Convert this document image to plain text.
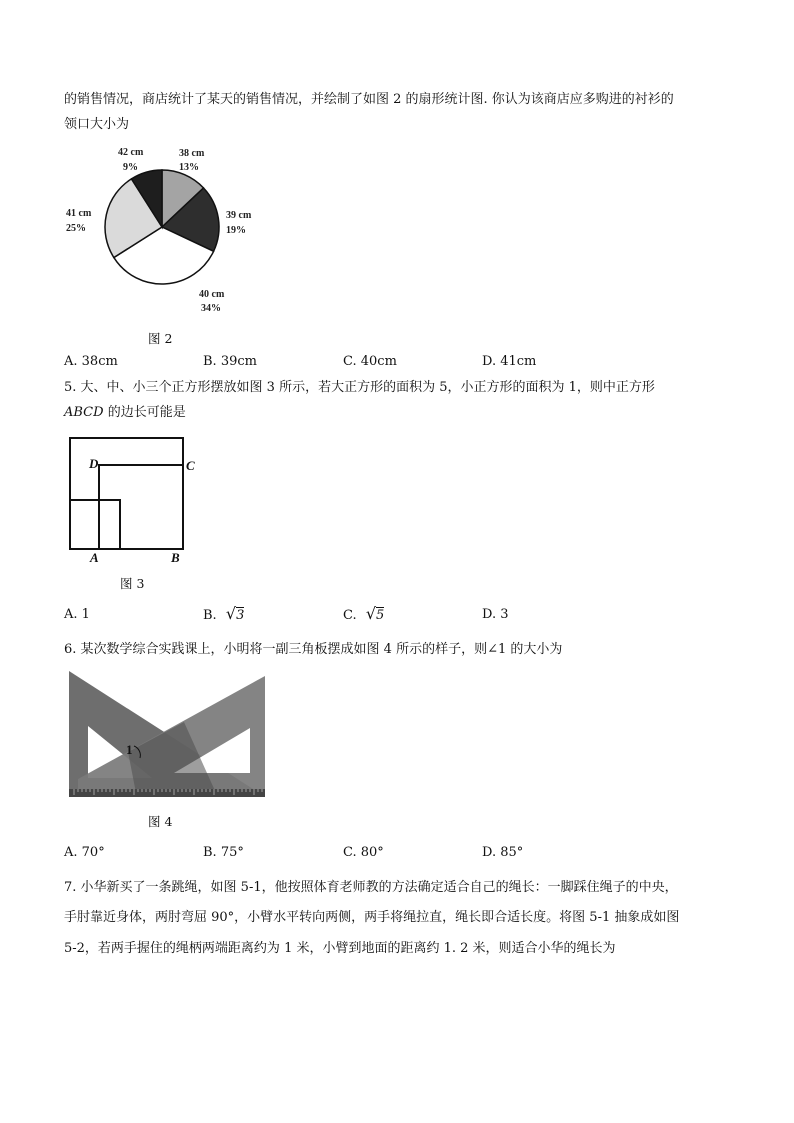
的销售情况，商店统计了某天的销售情况，并绘制了如图 2 的扇形统计图. 你认为该商店应多购进的衬衫的
领口大小为
38 cm
13%
39 cm
19%
40 cm
34%
41 cm
25%
42 cm
9%
图 2
A. 38cm	B. 39cm	C. 40cm	D. 41cm
5. 大、中、小三个正方形摆放如图 3 所示，若大正方形的面积为 5，小正方形的面积为 1，则中正方形
ABCD 的边长可能是
D	C
A	B
图 3
A. 1	B.  √3	C.  √5	D. 3
6. 某次数学综合实践课上，小明将一副三角板摆成如图 4 所示的样子，则∠1 的大小为
1
图 4
A. 70°	B. 75°	C. 80°	D. 85°
7. 小华新买了一条跳绳，如图 5-1，他按照体育老师教的方法确定适合自己的绳长：一脚踩住绳子的中央，
手肘靠近身体，两肘弯屈 90°，小臂水平转向两侧，两手将绳拉直，绳长即合适长度。将图 5-1 抽象成如图
5-2，若两手握住的绳柄两端距离约为 1 米，小臂到地面的距离约 1. 2 米，则适合小华的绳长为
